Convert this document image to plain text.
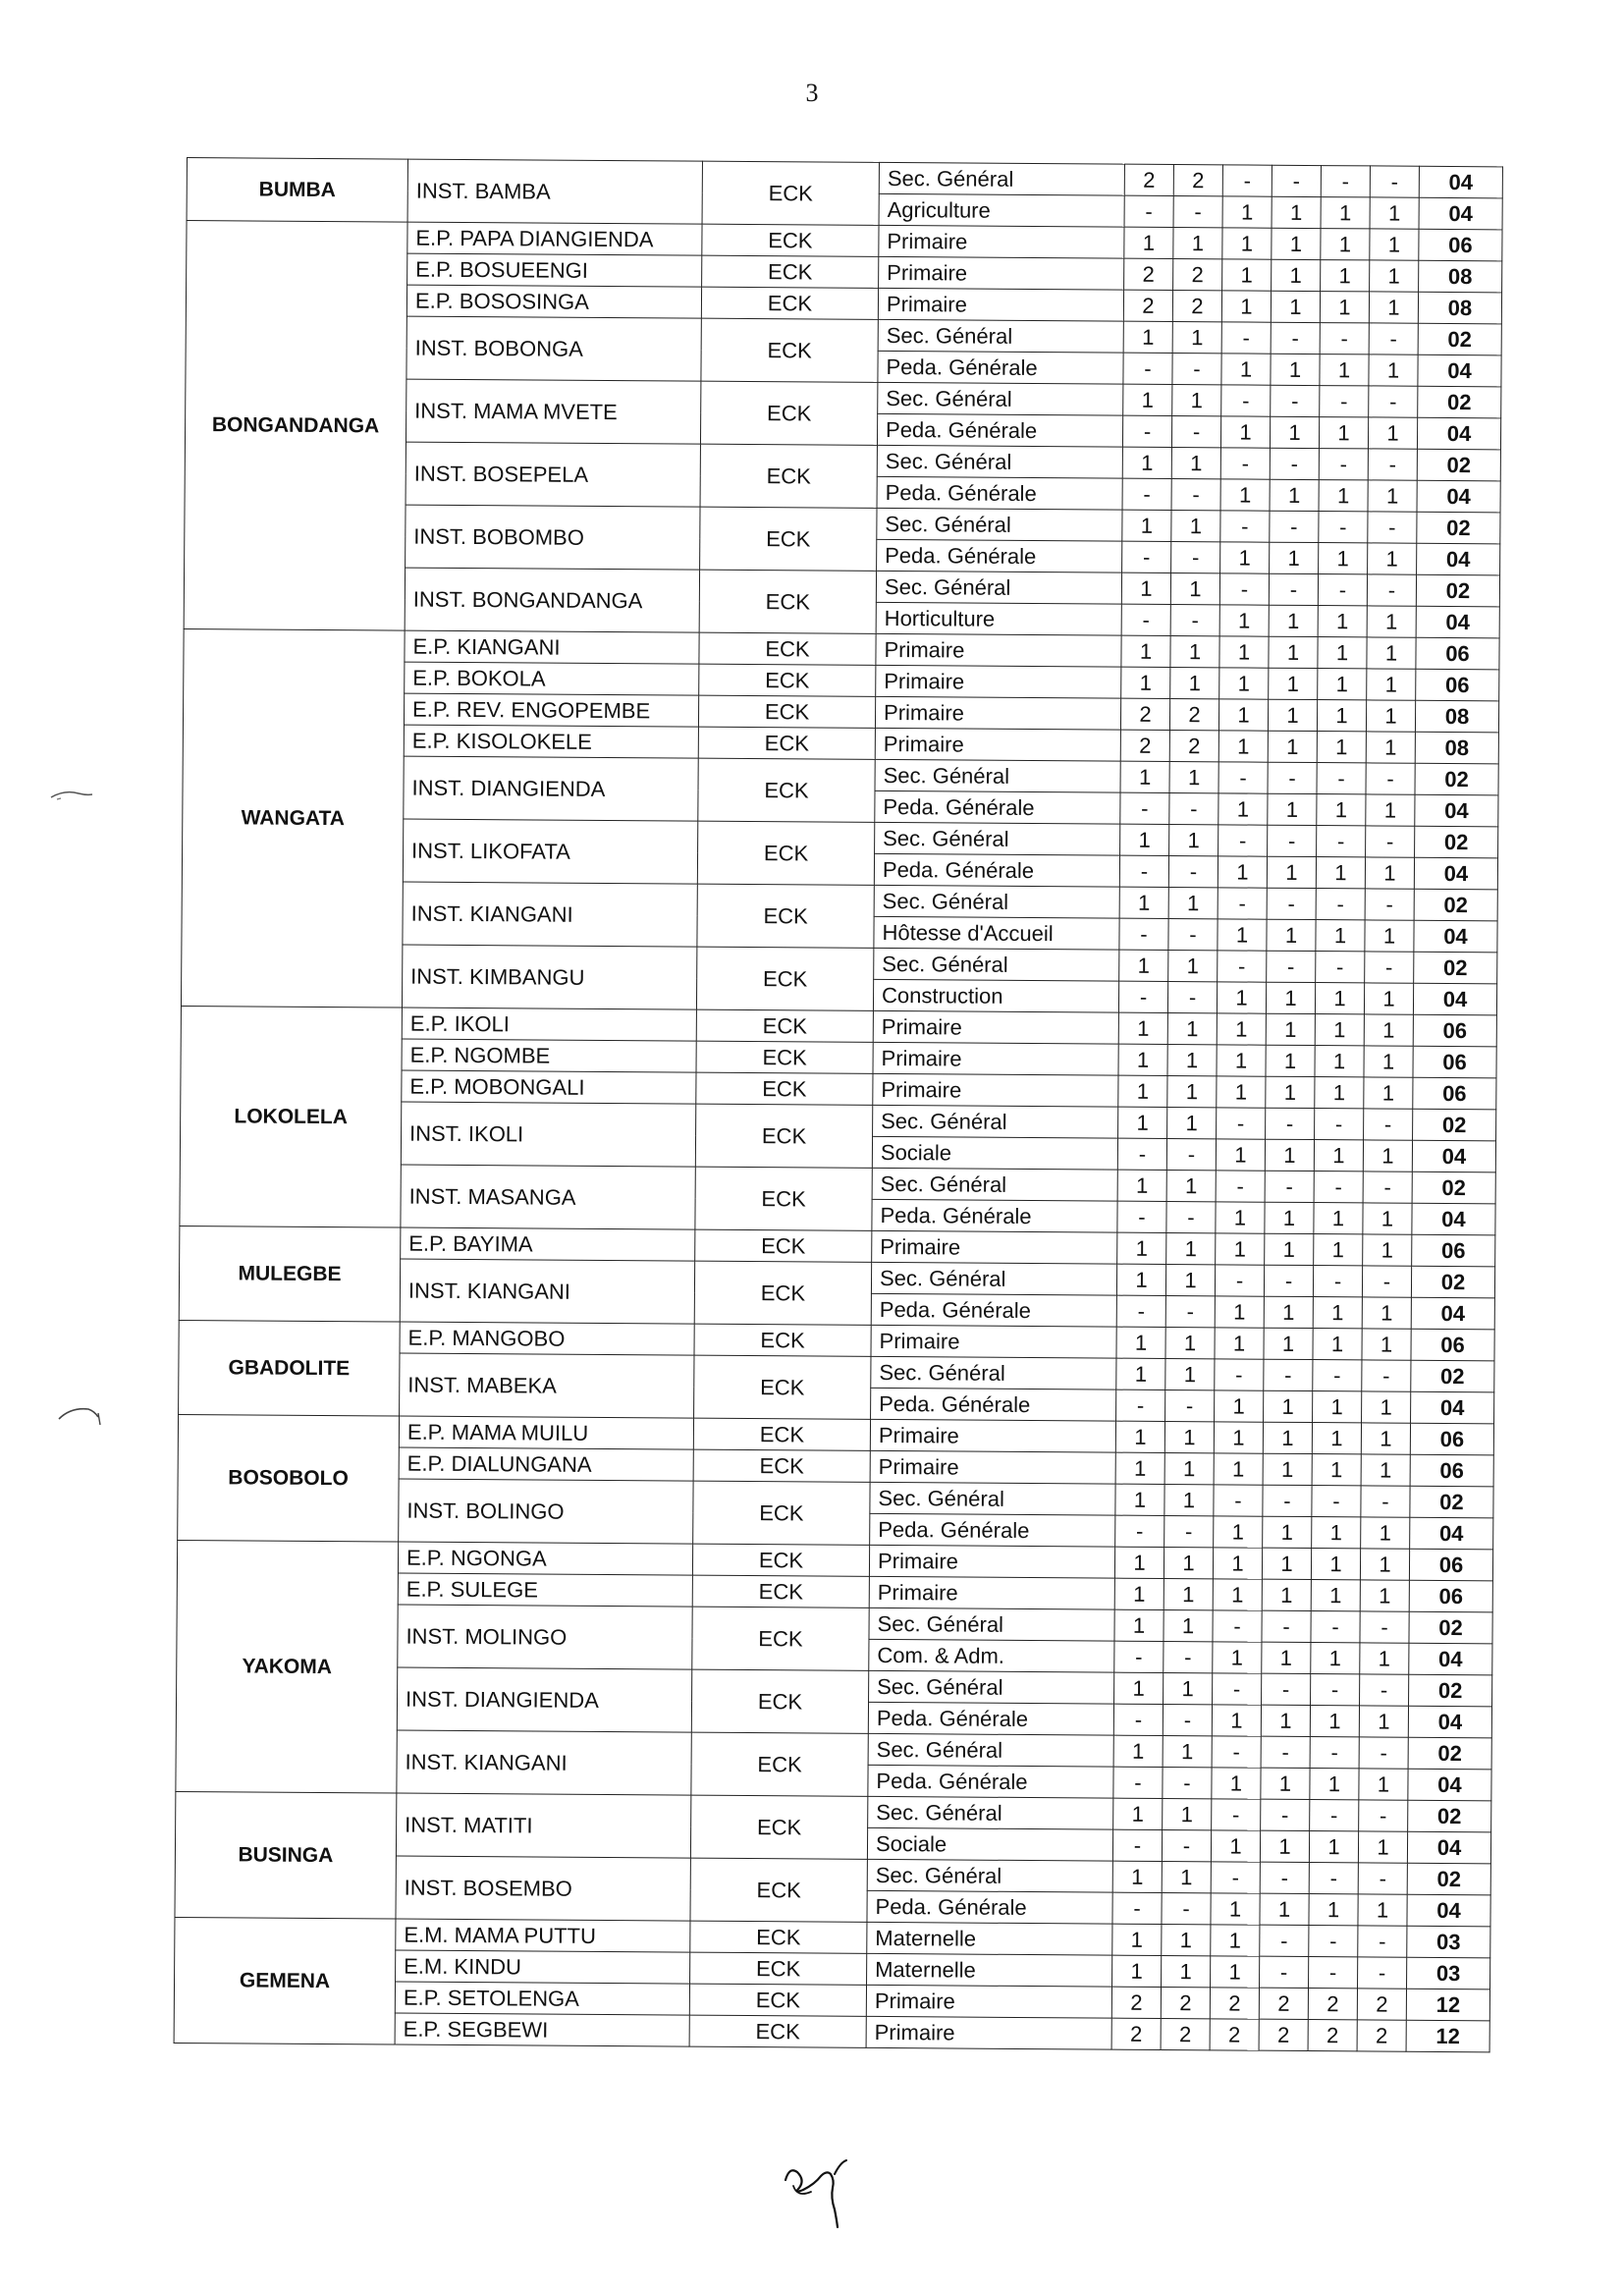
3
BUMBA	INST. BAMBA	ECK	Sec. Général	2	2	-	-	-	-	04
			Agriculture	-	-	1	1	1	1	04
BONGANDANGA	E.P. PAPA DIANGIENDA	ECK	Primaire	1	1	1	1	1	1	06
	E.P. BOSUEENGI	ECK	Primaire	2	2	1	1	1	1	08
	E.P. BOSOSINGA	ECK	Primaire	2	2	1	1	1	1	08
	INST. BOBONGA	ECK	Sec. Général	1	1	-	-	-	-	02
			Peda. Générale	-	-	1	1	1	1	04
	INST. MAMA MVETE	ECK	Sec. Général	1	1	-	-	-	-	02
			Peda. Générale	-	-	1	1	1	1	04
	INST. BOSEPELA	ECK	Sec. Général	1	1	-	-	-	-	02
			Peda. Générale	-	-	1	1	1	1	04
	INST. BOBOMBO	ECK	Sec. Général	1	1	-	-	-	-	02
			Peda. Générale	-	-	1	1	1	1	04
	INST. BONGANDANGA	ECK	Sec. Général	1	1	-	-	-	-	02
			Horticulture	-	-	1	1	1	1	04
WANGATA	E.P. KIANGANI	ECK	Primaire	1	1	1	1	1	1	06
	E.P. BOKOLA	ECK	Primaire	1	1	1	1	1	1	06
	E.P. REV. ENGOPEMBE	ECK	Primaire	2	2	1	1	1	1	08
	E.P. KISOLOKELE	ECK	Primaire	2	2	1	1	1	1	08
	INST. DIANGIENDA	ECK	Sec. Général	1	1	-	-	-	-	02
			Peda. Générale	-	-	1	1	1	1	04
	INST. LIKOFATA	ECK	Sec. Général	1	1	-	-	-	-	02
			Peda. Générale	-	-	1	1	1	1	04
	INST. KIANGANI	ECK	Sec. Général	1	1	-	-	-	-	02
			Hôtesse d'Accueil	-	-	1	1	1	1	04
	INST. KIMBANGU	ECK	Sec. Général	1	1	-	-	-	-	02
			Construction	-	-	1	1	1	1	04
LOKOLELA	E.P. IKOLI	ECK	Primaire	1	1	1	1	1	1	06
	E.P. NGOMBE	ECK	Primaire	1	1	1	1	1	1	06
	E.P. MOBONGALI	ECK	Primaire	1	1	1	1	1	1	06
	INST. IKOLI	ECK	Sec. Général	1	1	-	-	-	-	02
			Sociale	-	-	1	1	1	1	04
	INST. MASANGA	ECK	Sec. Général	1	1	-	-	-	-	02
			Peda. Générale	-	-	1	1	1	1	04
MULEGBE	E.P. BAYIMA	ECK	Primaire	1	1	1	1	1	1	06
	INST. KIANGANI	ECK	Sec. Général	1	1	-	-	-	-	02
			Peda. Générale	-	-	1	1	1	1	04
GBADOLITE	E.P. MANGOBO	ECK	Primaire	1	1	1	1	1	1	06
	INST. MABEKA	ECK	Sec. Général	1	1	-	-	-	-	02
			Peda. Générale	-	-	1	1	1	1	04
BOSOBOLO	E.P. MAMA MUILU	ECK	Primaire	1	1	1	1	1	1	06
	E.P. DIALUNGANA	ECK	Primaire	1	1	1	1	1	1	06
	INST. BOLINGO	ECK	Sec. Général	1	1	-	-	-	-	02
			Peda. Générale	-	-	1	1	1	1	04
YAKOMA	E.P. NGONGA	ECK	Primaire	1	1	1	1	1	1	06
	E.P. SULEGE	ECK	Primaire	1	1	1	1	1	1	06
	INST. MOLINGO	ECK	Sec. Général	1	1	-	-	-	-	02
			Com. & Adm.	-	-	1	1	1	1	04
	INST. DIANGIENDA	ECK	Sec. Général	1	1	-	-	-	-	02
			Peda. Générale	-	-	1	1	1	1	04
	INST. KIANGANI	ECK	Sec. Général	1	1	-	-	-	-	02
			Peda. Générale	-	-	1	1	1	1	04
BUSINGA	INST. MATITI	ECK	Sec. Général	1	1	-	-	-	-	02
			Sociale	-	-	1	1	1	1	04
	INST. BOSEMBO	ECK	Sec. Général	1	1	-	-	-	-	02
			Peda. Générale	-	-	1	1	1	1	04
GEMENA	E.M. MAMA PUTTU	ECK	Maternelle	1	1	1	-	-	-	03
	E.M. KINDU	ECK	Maternelle	1	1	1	-	-	-	03
	E.P. SETOLENGA	ECK	Primaire	2	2	2	2	2	2	12
	E.P. SEGBEWI	ECK	Primaire	2	2	2	2	2	2	12
